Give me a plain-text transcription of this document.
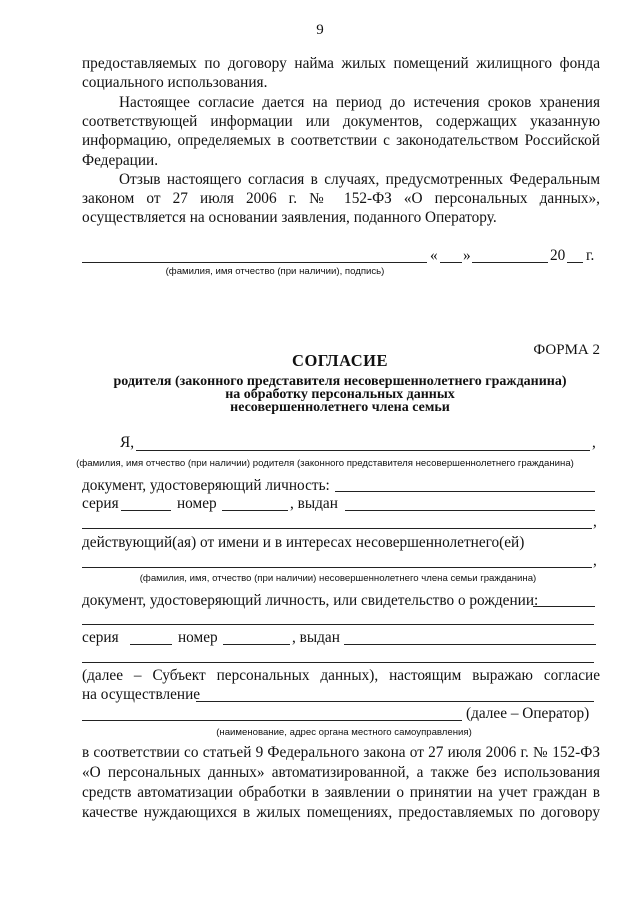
9
предоставляемых по договору найма жилых помещений жилищного фонда социального использования.
Настоящее согласие дается на период до истечения сроков хранения соответствующей информации или документов, содержащих указанную информацию, определяемых в соответствии с законодательством Российской Федерации.
Отзыв настоящего согласия в случаях, предусмотренных Федеральным законом от 27 июля 2006 г. № 152-ФЗ «О персональных данных», осуществляется на основании заявления, поданного Оператору.
« »	20 г.
(фамилия, имя отчество (при наличии), подпись)
ФОРМА 2
СОГЛАСИЕ
родителя (законного представителя несовершеннолетнего гражданина)
на обработку персональных данных
несовершеннолетнего члена семьи
Я,	,
(фамилия, имя отчество (при наличии) родителя (законного представителя несовершеннолетнего гражданина)
документ, удостоверяющий личность:
серия	номер	, выдан
,
действующий(ая) от имени и в интересах несовершеннолетнего(ей)
,
(фамилия, имя, отчество (при наличии) несовершеннолетнего члена семьи гражданина)
документ, удостоверяющий личность, или свидетельство о рождении:
серия	номер	, выдан
(далее – Субъект персональных данных), настоящим выражаю согласие
на осуществление
(далее – Оператор)
(наименование, адрес органа местного самоуправления)
в соответствии со статьей 9 Федерального закона от 27 июля 2006 г. № 152-ФЗ «О персональных данных» автоматизированной, а также без использования средств автоматизации обработки в заявлении о принятии на учет граждан в качестве нуждающихся в жилых помещениях, предоставляемых по договору
